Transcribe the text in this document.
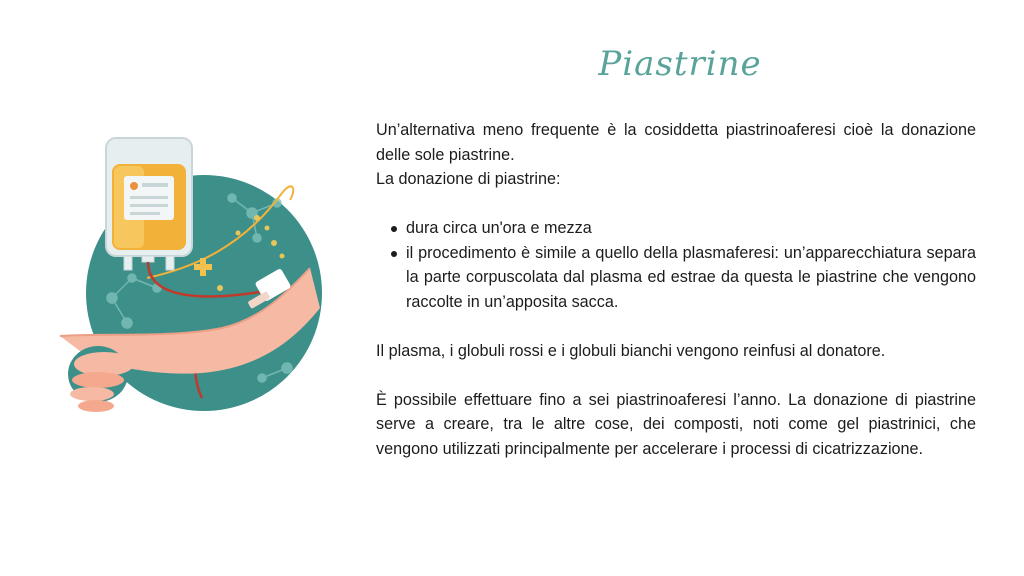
Piastrine

Un’alternativa meno frequente è la cosiddetta piastrinoaferesi cioè la donazione delle sole piastrine.

La donazione di piastrine:

dura circa un'ora e mezza
il procedimento è simile a quello della plasmaferesi: un’apparecchiatura separa la parte corpuscolata dal plasma ed estrae da questa le piastrine che vengono raccolte in un’apposita sacca.

Il plasma, i globuli rossi e i globuli bianchi vengono reinfusi al donatore.

È possibile effettuare fino a sei piastrinoaferesi l’anno. La donazione di piastrine serve a creare, tra le altre cose, dei composti, noti come gel piastrinici, che vengono utilizzati principalmente per accelerare i processi di cicatrizzazione.
